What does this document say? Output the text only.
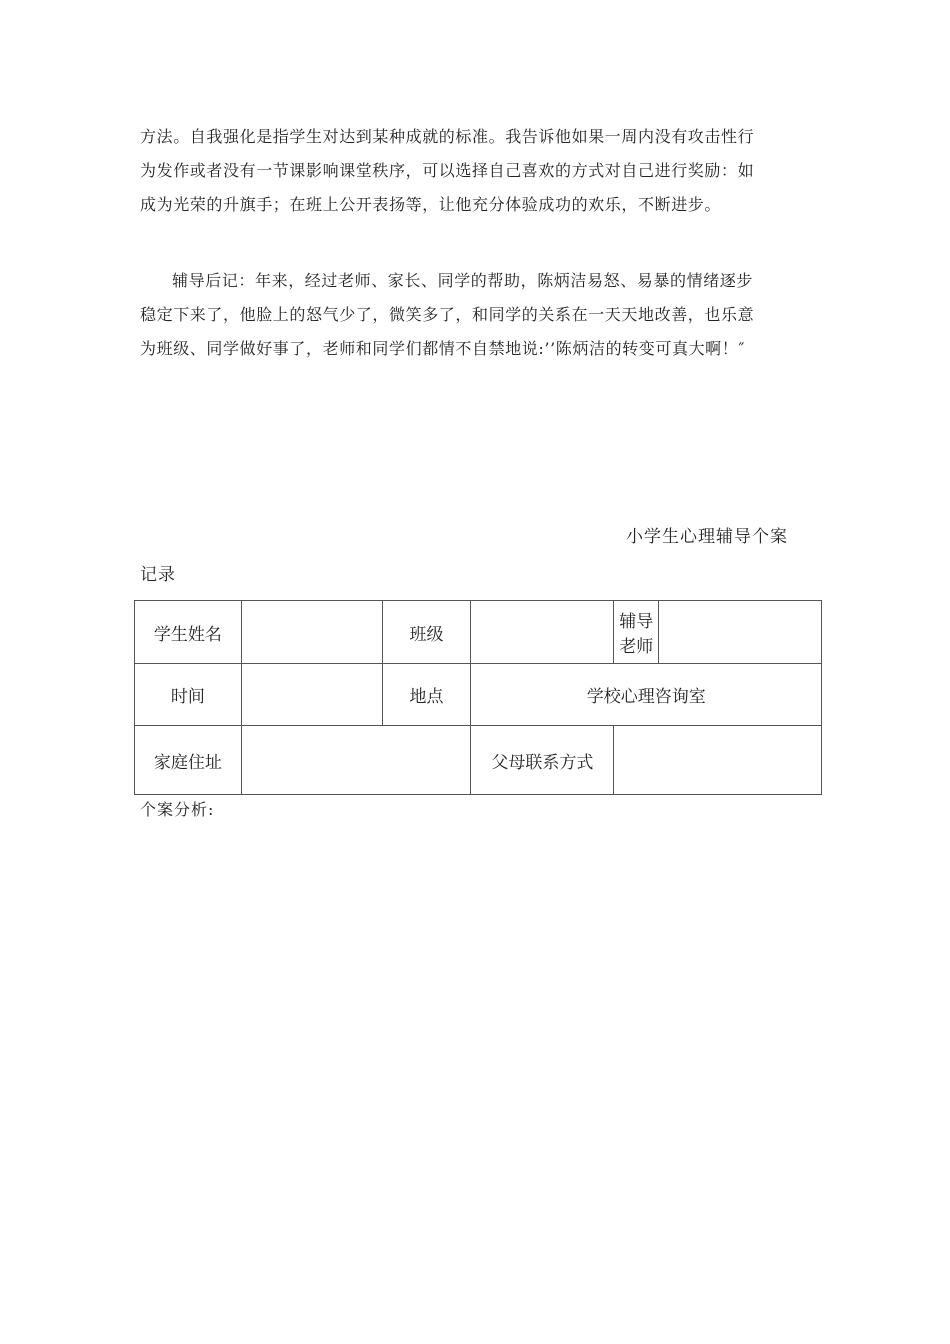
方法。自我强化是指学生对达到某种成就的标准。我告诉他如果一周内没有攻击性行

为发作或者没有一节课影响课堂秩序，可以选择自己喜欢的方式对自己进行奖励：如

成为光荣的升旗手；在班上公开表扬等，让他充分体验成功的欢乐，不断进步。

辅导后记：年来，经过老师、家长、同学的帮助，陈炳洁易怒、易暴的情绪逐步

稳定下来了，他脸上的怒气少了，微笑多了，和同学的关系在一天天地改善，也乐意

为班级、同学做好事了，老师和同学们都情不自禁地说:’’陈炳洁的转变可真大啊！″

小学生心理辅导个案
记录
学生姓名		班级		辅导老师	
时间		地点	学校心理咨询室		
家庭住址			父母联系方式		
个案分析:
